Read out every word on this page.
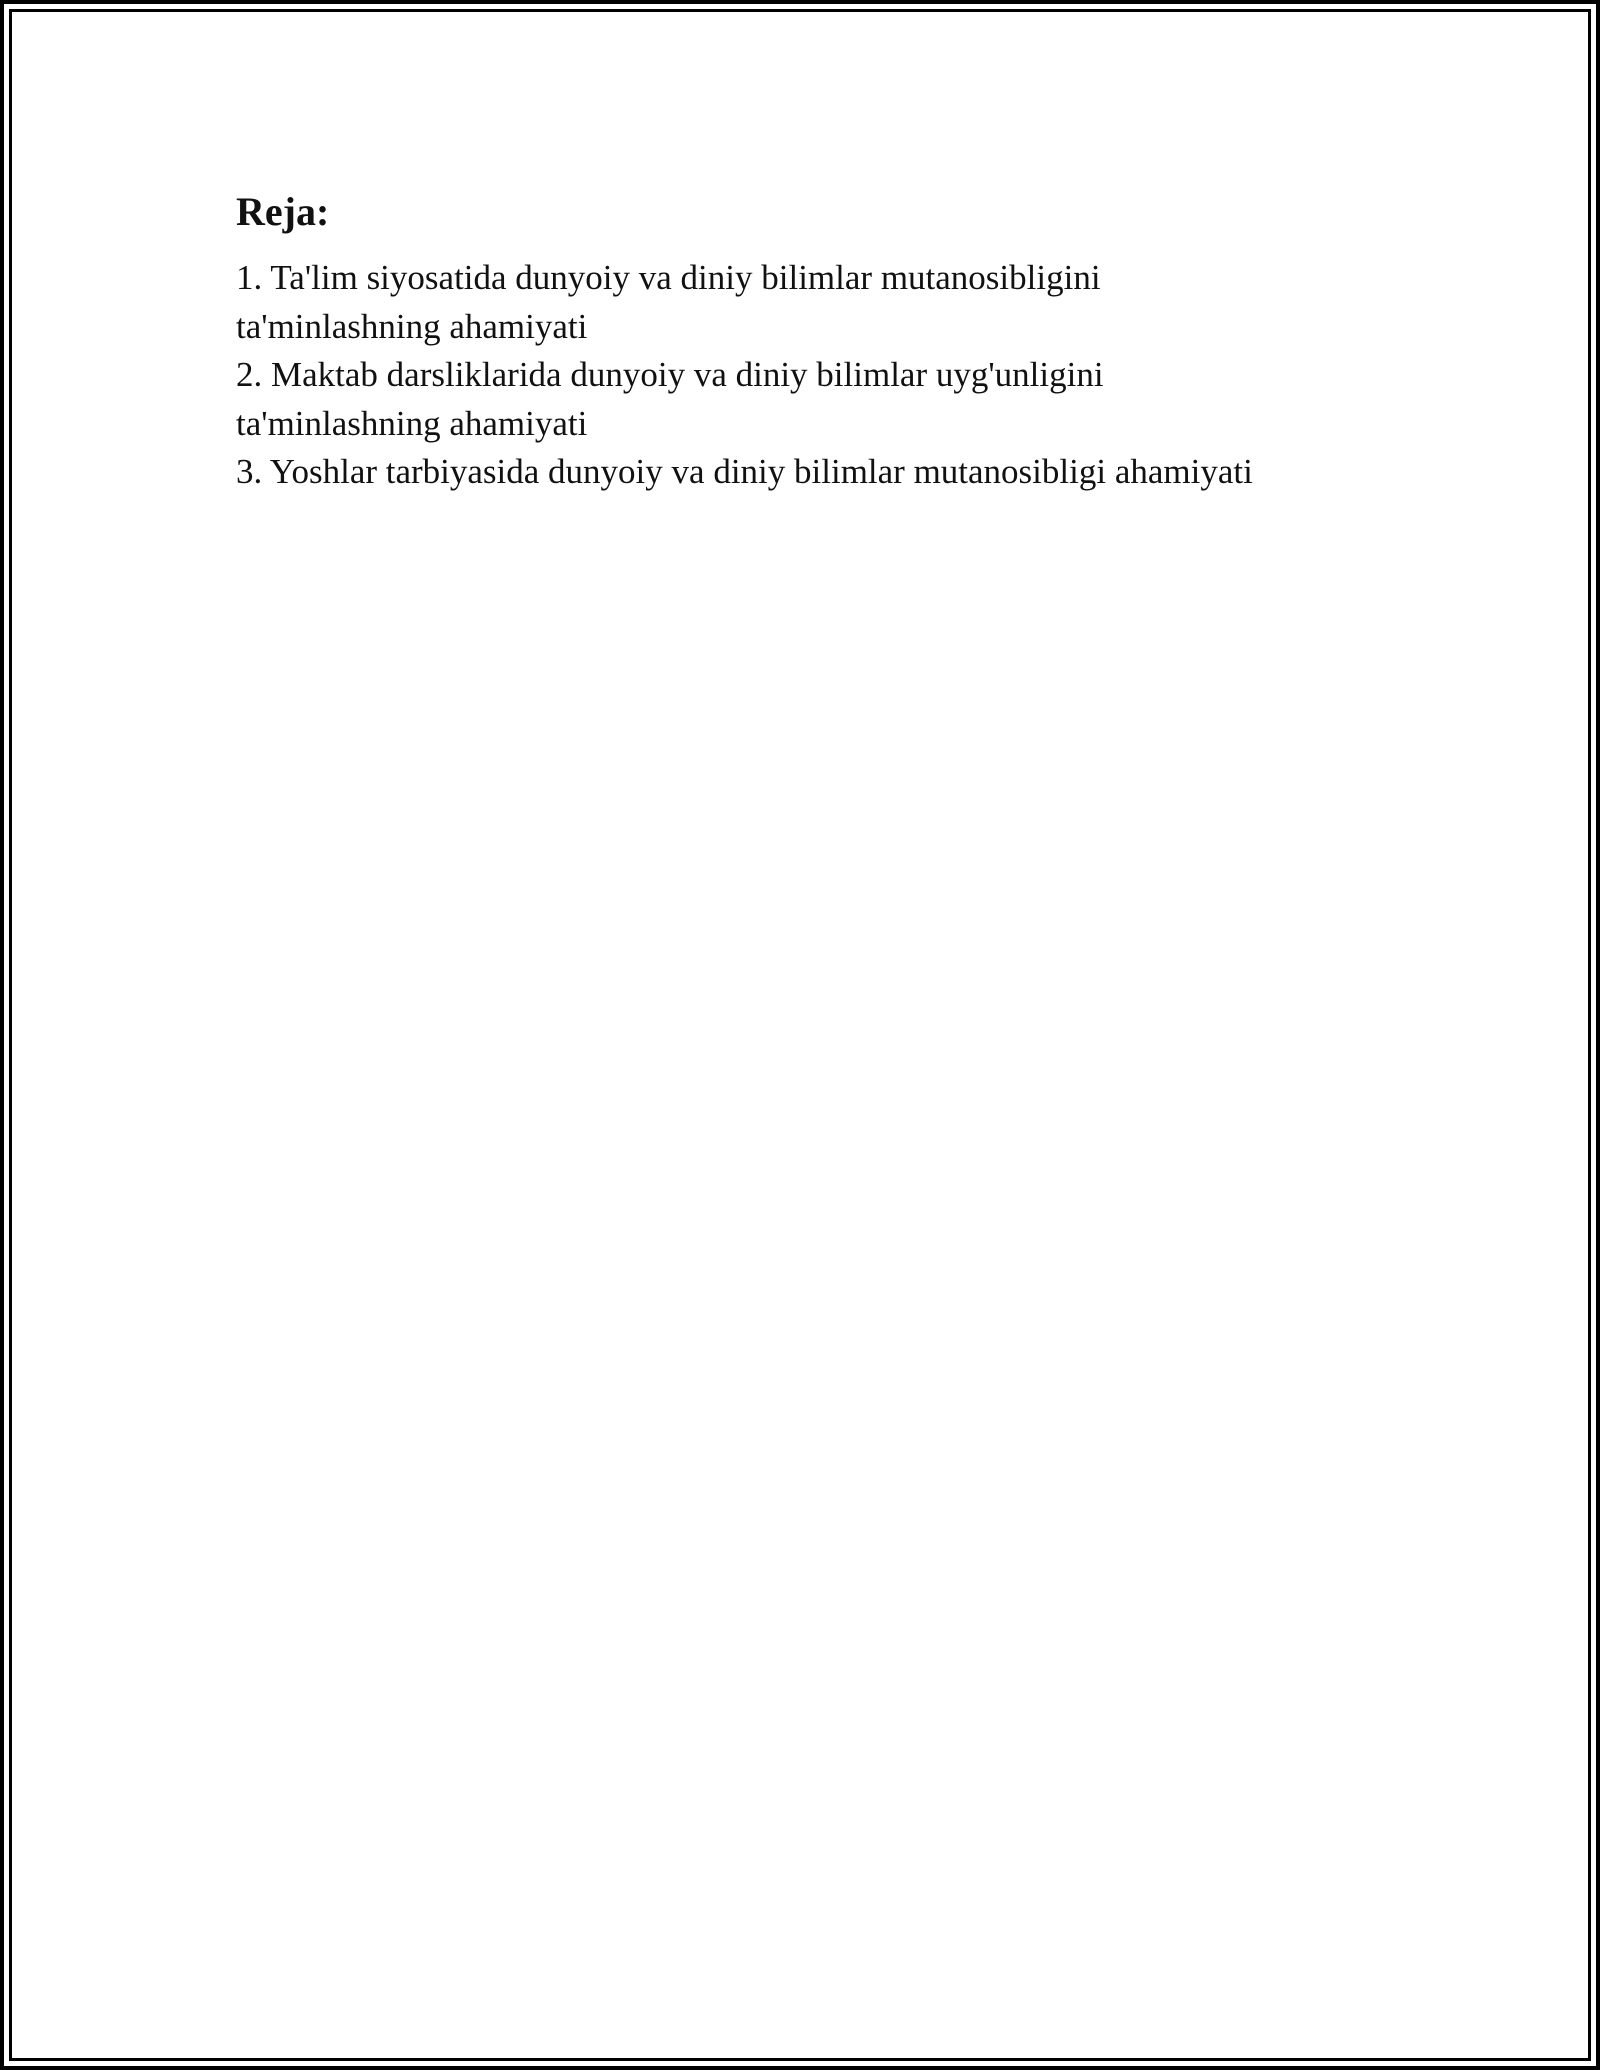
Reja:
1. Ta'lim siyosatida dunyoiy va diniy bilimlar mutanosibligini ta'minlashning ahamiyati
2. Maktab darsliklarida dunyoiy va diniy bilimlar uyg'unligini ta'minlashning ahamiyati
3. Yoshlar tarbiyasida dunyoiy va diniy bilimlar mutanosibligi ahamiyati
